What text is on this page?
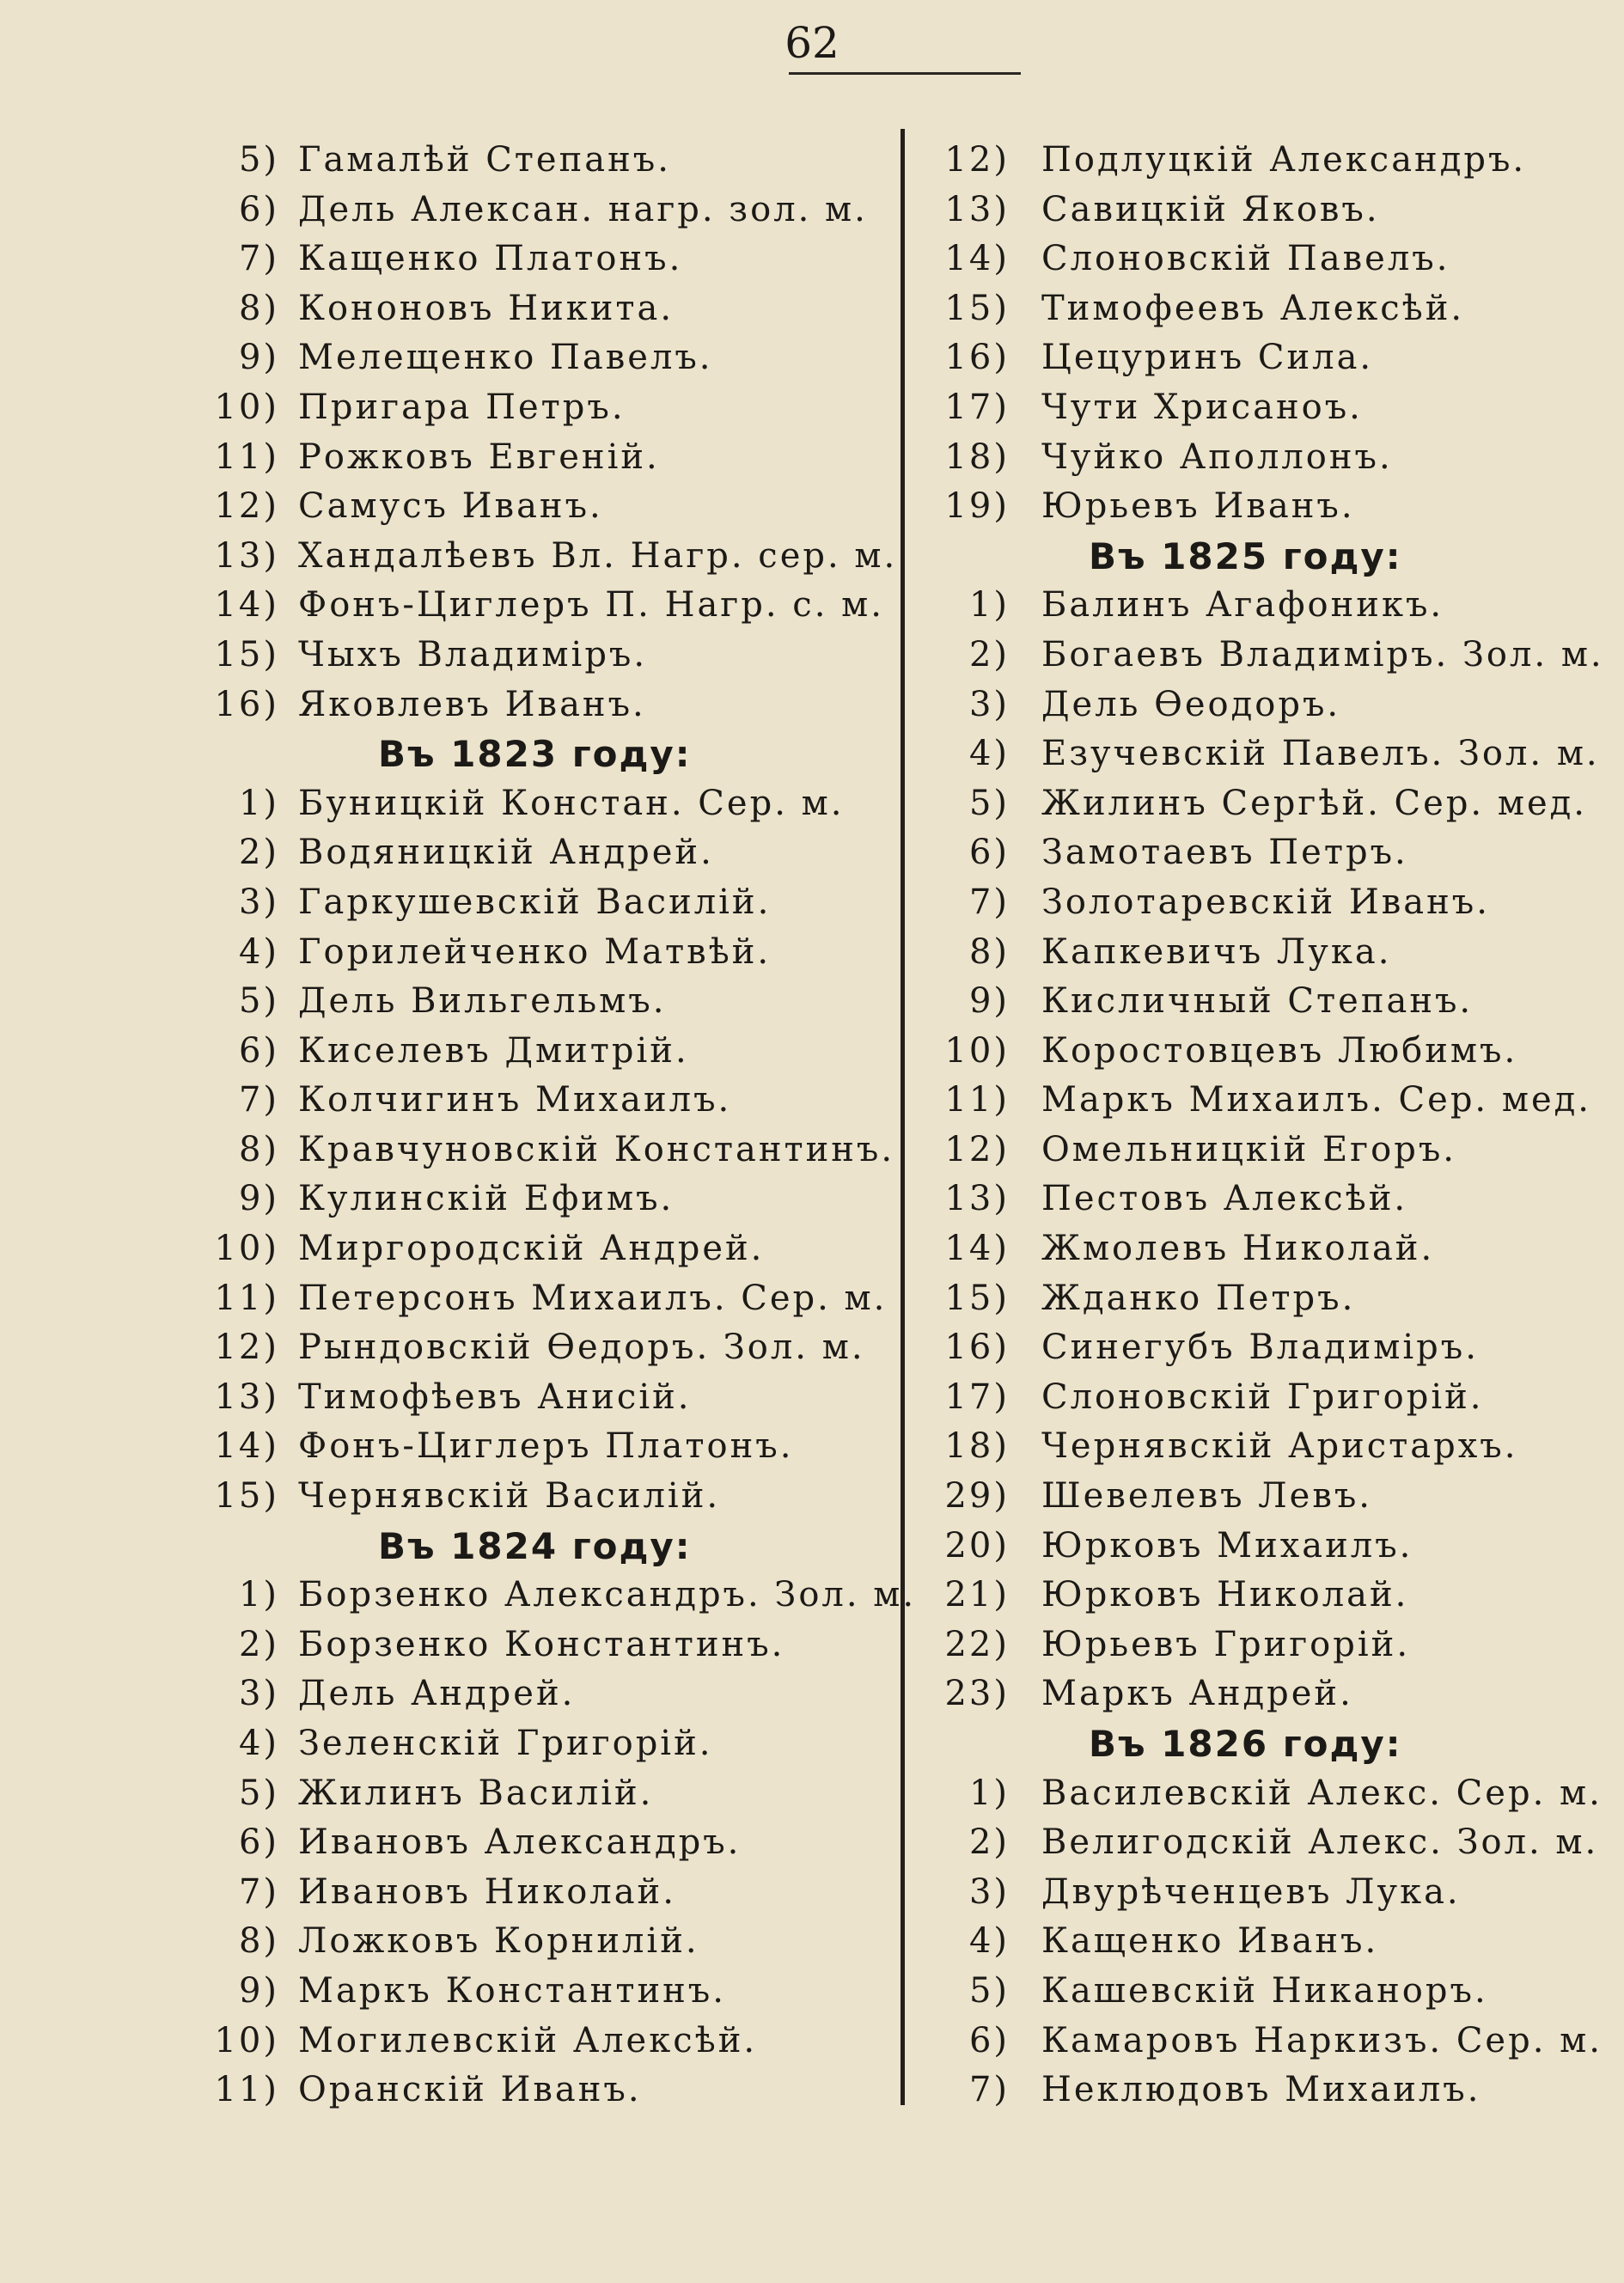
62
5) Гамалѣй Степанъ.
6) Дель Алексан. нагр. зол. м.
7) Кащенко Платонъ.
8) Кононовъ Никита.
9) Мелещенко Павелъ.
10) Пригара Петръ.
11) Рожковъ Евгеній.
12) Самусъ Иванъ.
13) Хандалѣевъ Вл. Нагр. сер. м.
14) Фонъ-Циглеръ П. Нагр. с. м.
15) Чыхъ Владиміръ.
16) Яковлевъ Иванъ.
Въ 1823 году:
1) Буницкій Констан. Сер. м.
2) Водяницкій Андрей.
3) Гаркушевскій Василій.
4) Горилейченко Матвѣй.
5) Дель Вильгельмъ.
6) Киселевъ Дмитрій.
7) Колчигинъ Михаилъ.
8) Кравчуновскій Константинъ.
9) Кулинскій Ефимъ.
10) Миргородскій Андрей.
11) Петерсонъ Михаилъ. Сер. м.
12) Рындовскій Ѳедоръ. Зол. м.
13) Тимофѣевъ Анисій.
14) Фонъ-Циглеръ Платонъ.
15) Чернявскій Василій.
Въ 1824 году:
1) Борзенко Александръ. Зол. м.
2) Борзенко Константинъ.
3) Дель Андрей.
4) Зеленскій Григорій.
5) Жилинъ Василій.
6) Ивановъ Александръ.
7) Ивановъ Николай.
8) Ложковъ Корнилій.
9) Маркъ Константинъ.
10) Могилевскій Алексѣй.
11) Оранскій Иванъ.
12) Подлуцкій Александръ.
13) Савицкій Яковъ.
14) Слоновскій Павелъ.
15) Тимофеевъ Алексѣй.
16) Цецуринъ Сила.
17) Чути Хрисаноъ.
18) Чуйко Аполлонъ.
19) Юрьевъ Иванъ.
Въ 1825 году:
1) Балинъ Агафоникъ.
2) Богаевъ Владиміръ. Зол. м.
3) Дель Ѳеодоръ.
4) Езучевскій Павелъ. Зол. м.
5) Жилинъ Сергѣй. Сер. мед.
6) Замотаевъ Петръ.
7) Золотаревскій Иванъ.
8) Капкевичъ Лука.
9) Кисличный Степанъ.
10) Коростовцевъ Любимъ.
11) Маркъ Михаилъ. Сер. мед.
12) Омельницкій Егоръ.
13) Пестовъ Алексѣй.
14) Жмолевъ Николай.
15) Жданко Петръ.
16) Синегубъ Владиміръ.
17) Слоновскій Григорій.
18) Чернявскій Аристархъ.
29) Шевелевъ Левъ.
20) Юрковъ Михаилъ.
21) Юрковъ Николай.
22) Юрьевъ Григорій.
23) Маркъ Андрей.
Въ 1826 году:
1) Василевскій Алекс. Сер. м.
2) Велигодскій Алекс. Зол. м.
3) Двурѣченцевъ Лука.
4) Кащенко Иванъ.
5) Кашевскій Никаноръ.
6) Камаровъ Наркизъ. Сер. м.
7) Неклюдовъ Михаилъ.
